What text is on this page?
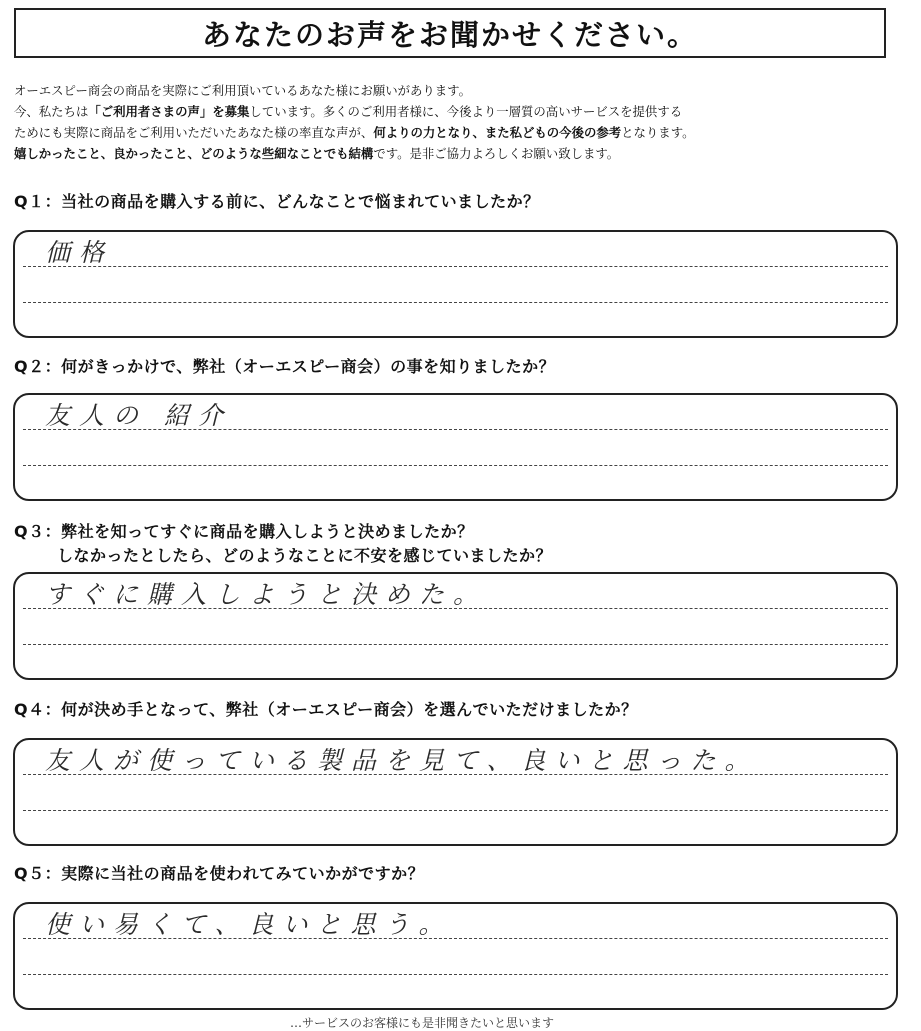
あなたのお声をお聞かせください。
オーエスピー商会の商品を実際にご利用頂いているあなた様にお願いがあります。
今、私たちは「ご利用者さまの声」を募集しています。多くのご利用者様に、今後より一層質の高いサービスを提供する
ためにも実際に商品をご利用いただいたあなた様の率直な声が、何よりの力となり、また私どもの今後の参考となります。
嬉しかったこと、良かったこと、どのような些細なことでも結構です。是非ご協力よろしくお願い致します。
Q１：当社の商品を購入する前に、どんなことで悩まれていましたか？
価格
Q２：何がきっかけで、弊社（オーエスピー商会）の事を知りましたか？
友人の 紹介
Q３：弊社を知ってすぐに商品を購入しようと決めましたか？
しなかったとしたら、どのようなことに不安を感じていましたか？
すぐに購入しようと決めた。
Q４：何が決め手となって、弊社（オーエスピー商会）を選んでいただけましたか？
友人が使っている製品を見て、良いと思った。
Q５：実際に当社の商品を使われてみていかがですか？
使い易くて、良いと思う。
…サービスのお客様にも是非聞きたいと思います
